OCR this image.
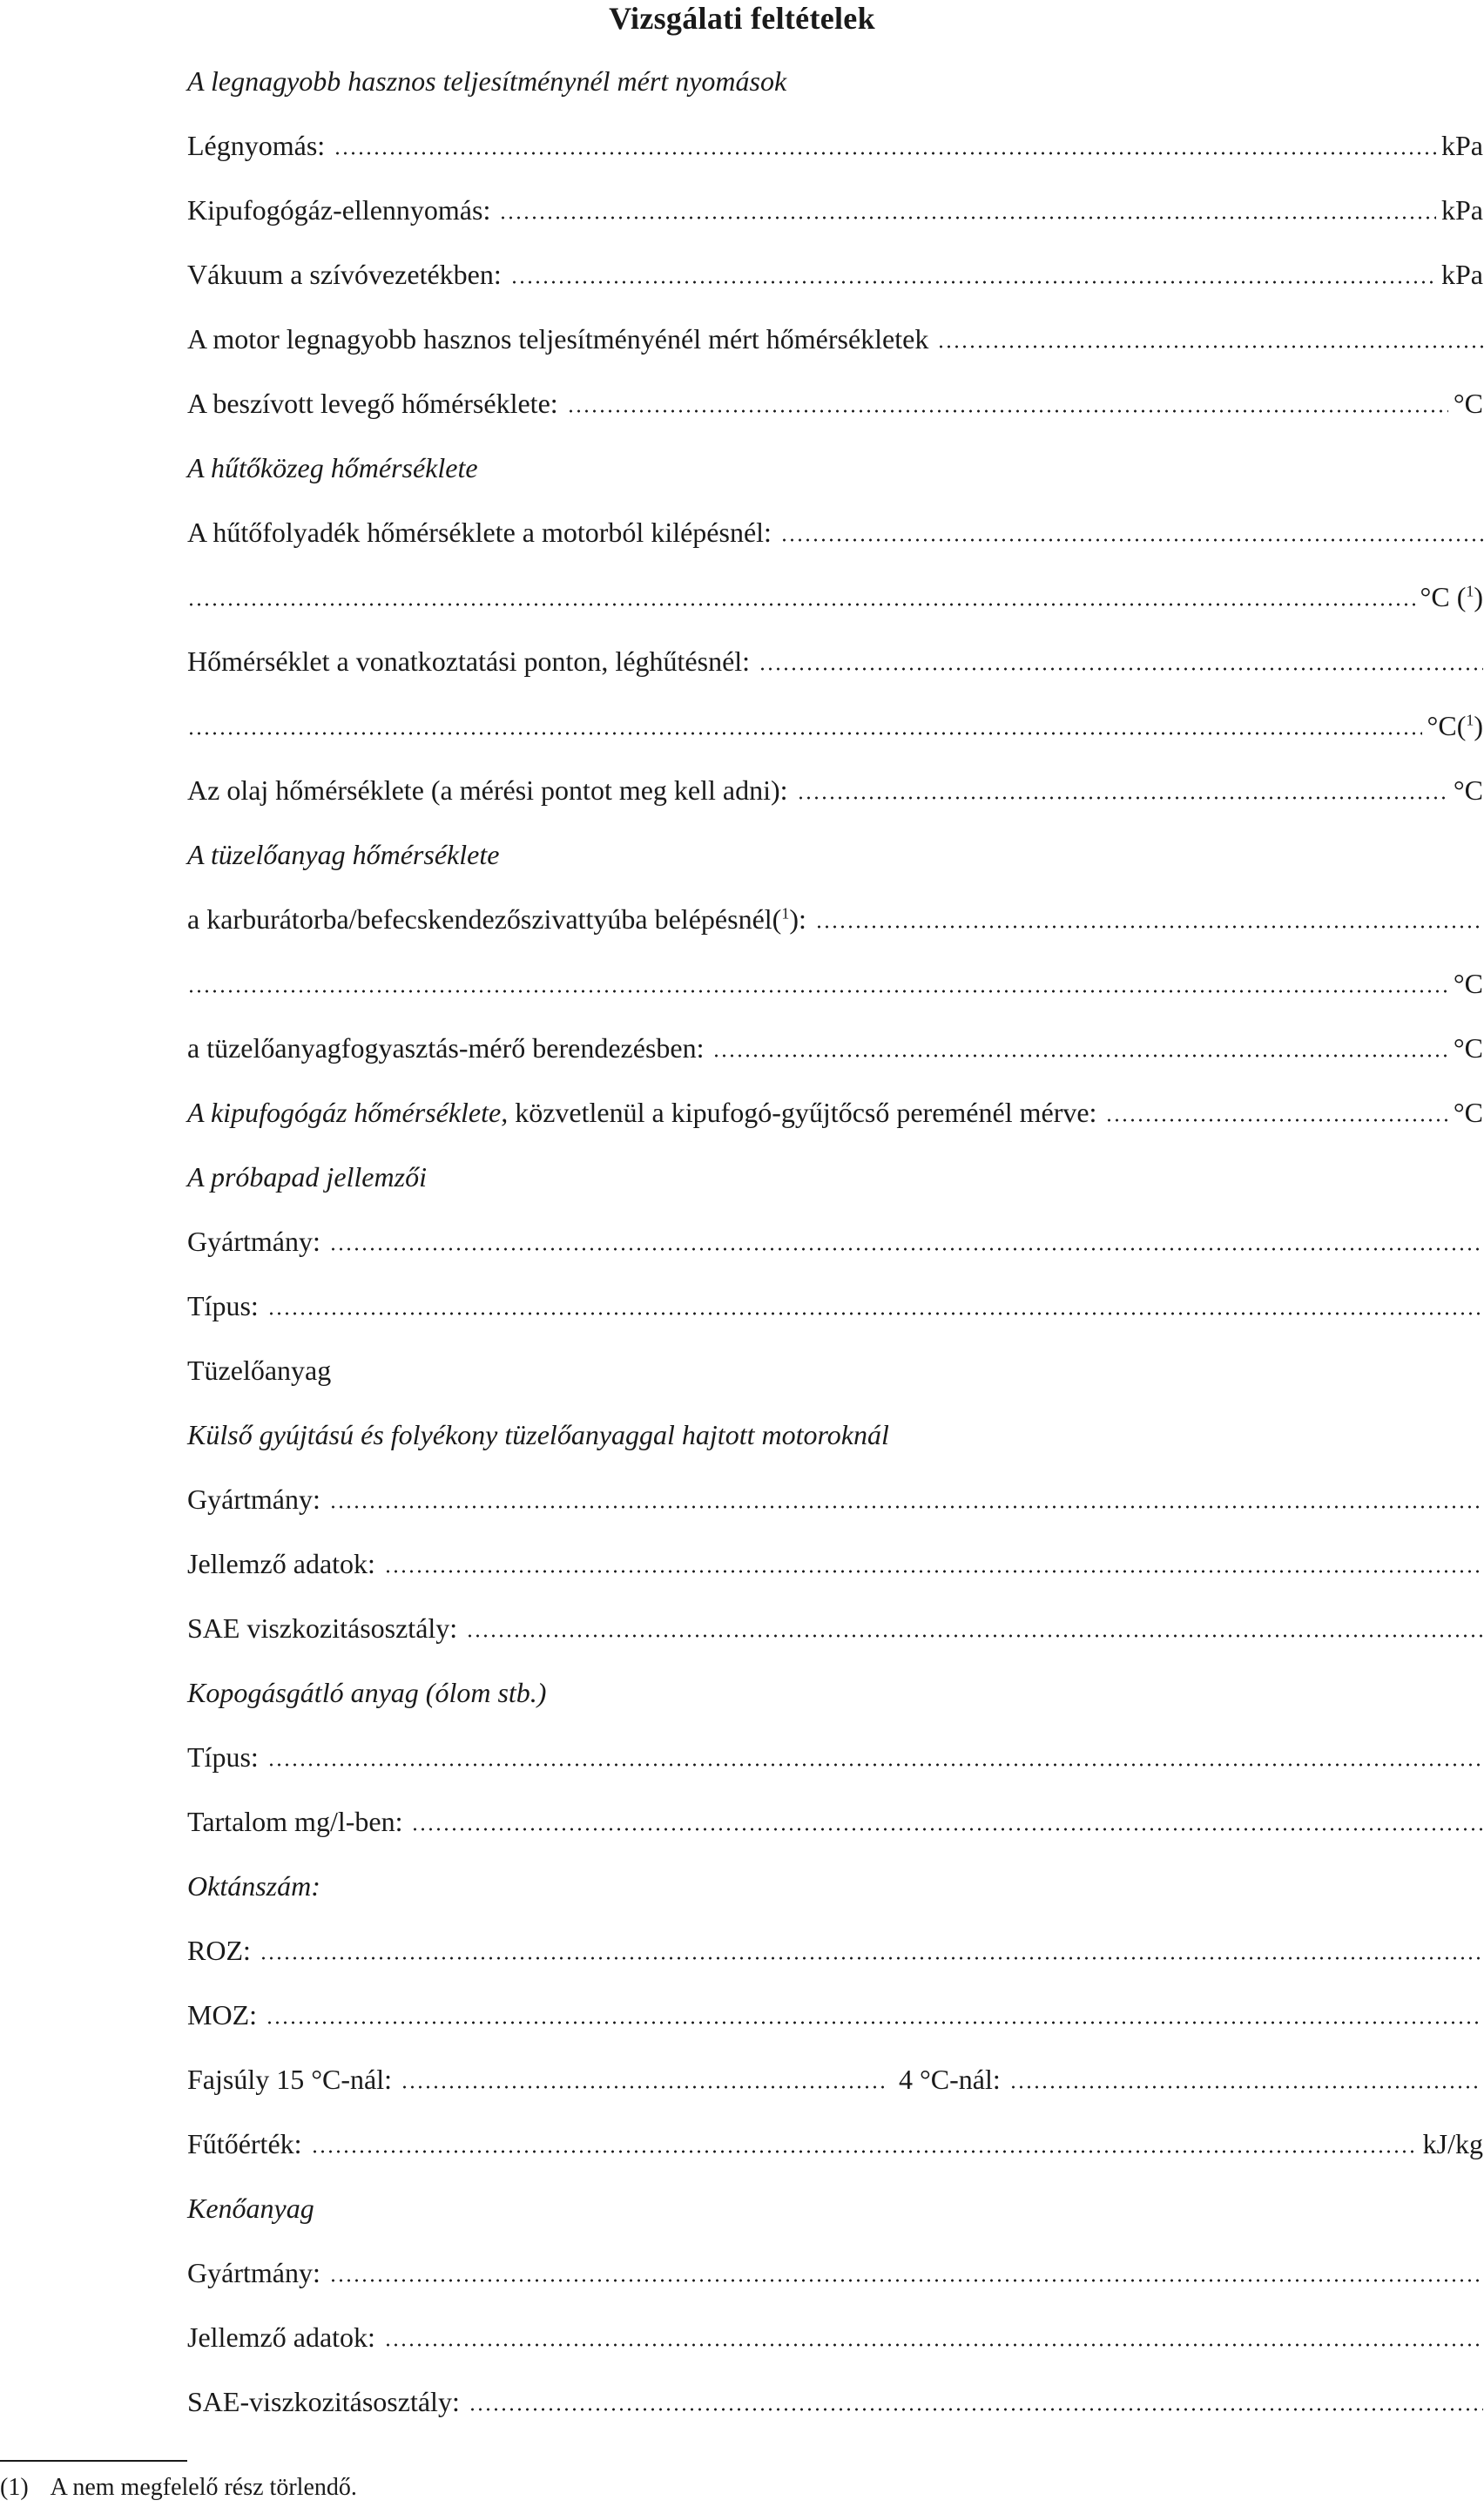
Vizsgálati feltételek
A legnagyobb hasznos teljesítménynél mért nyomások
Légnyomás:	kPa
Kipufogógáz-ellennyomás:	kPa
Vákuum a szívóvezetékben:	kPa
A motor legnagyobb hasznos teljesítményénél mért hőmérsékletek
A beszívott levegő hőmérséklete:	°C
A hűtőközeg hőmérséklete
A hűtőfolyadék hőmérséklete a motorból kilépésnél:
°C ($^1$)
Hőmérséklet a vonatkoztatási ponton, léghűtésnél:
°C($^1$)
Az olaj hőmérséklete (a mérési pontot meg kell adni):	°C
A tüzelőanyag hőmérséklete
a karburátorba/befecskendezőszivattyúba belépésnél($^1$):
°C
a tüzelőanyagfogyasztás-mérő berendezésben:	°C
A kipufogógáz hőmérséklete, közvetlenül a kipufogó-gyűjtőcső pereménél mérve:	°C
A próbapad jellemzői
Gyártmány:
Típus:
Tüzelőanyag
Külső gyújtású és folyékony tüzelőanyaggal hajtott motoroknál
Gyártmány:
Jellemző adatok:
SAE viszkozitásosztály:
Kopogásgátló anyag (ólom stb.)
Típus:
Tartalom mg/l-ben:
Oktánszám:
ROZ:
MOZ:
Fajsúly 15 °C-nál:	4 °C-nál:
Fűtőérték:	kJ/kg
Kenőanyag
Gyártmány:
Jellemző adatok:
SAE-viszkozitásosztály:
(1) A nem megfelelő rész törlendő.
